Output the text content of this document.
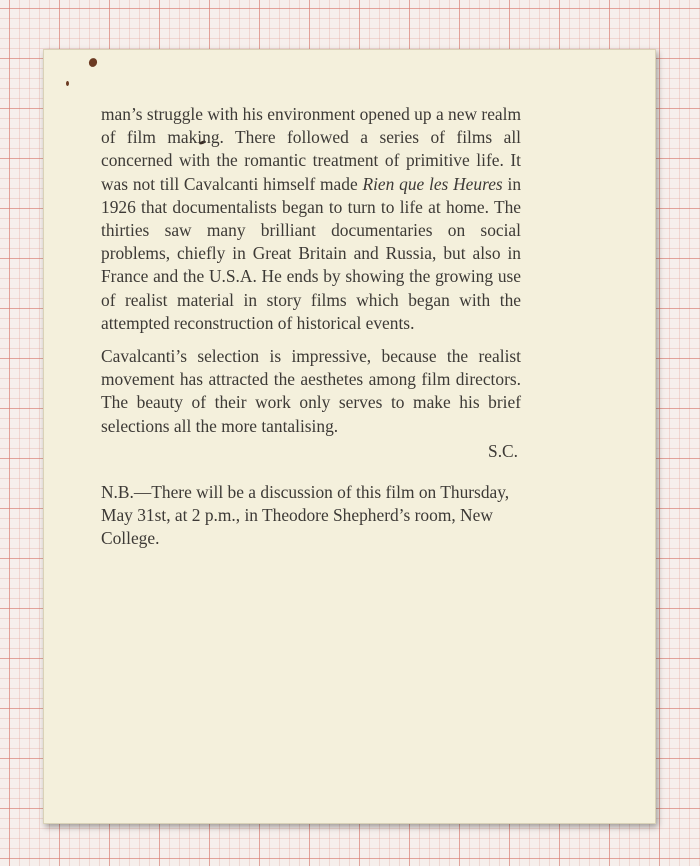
man’s struggle with his environment opened up a new realm of film making. There followed a series of films all concerned with the romantic treatment of primitive life. It was not till Cavalcanti himself made Rien que les Heures in 1926 that documentalists began to turn to life at home. The thirties saw many brilliant documentaries on social problems, chiefly in Great Britain and Russia, but also in France and the U.S.A. He ends by showing the growing use of realist material in story films which began with the attempted reconstruction of historical events.

Cavalcanti’s selection is impressive, because the realist movement has attracted the aesthetes among film directors. The beauty of their work only serves to make his brief selections all the more tantalising.

S.C.

N.B.—There will be a discussion of this film on Thursday, May 31st, at 2 p.m., in Theodore Shepherd’s room, New College.
